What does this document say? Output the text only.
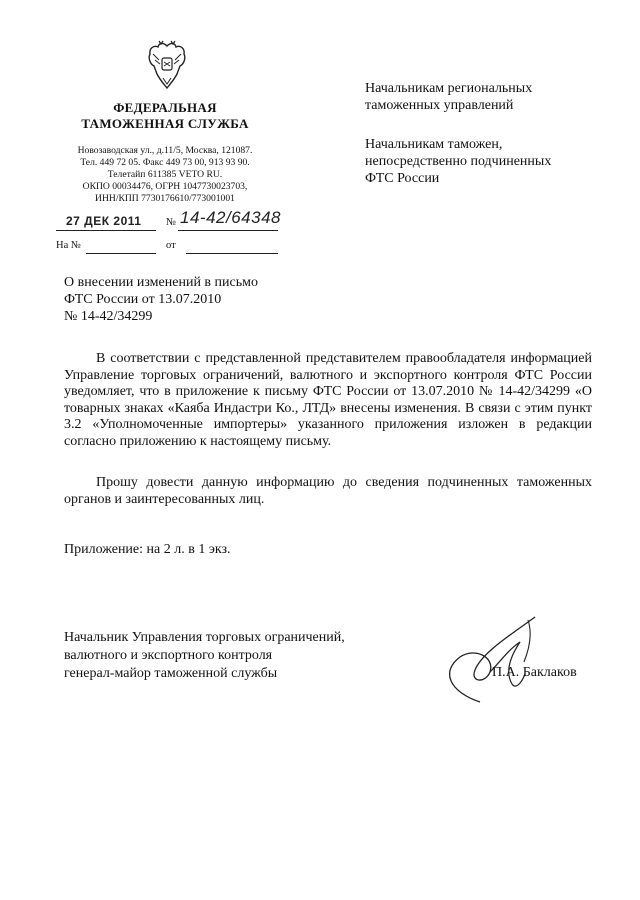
ФЕДЕРАЛЬНАЯ
ТАМОЖЕННАЯ СЛУЖБА
Новозаводская ул., д.11/5, Москва, 121087.
Тел. 449 72 05. Факс 449 73 00, 913 93 90.
Телетайп 611385 VETO RU.
ОКПО 00034476, ОГРН 1047730023703,
ИНН/КПП 7730176610/773001001
27 ДЕК 2011 № 14-42/64348
На №	от
Начальникам региональных
таможенных управлений
Начальникам таможен,
непосредственно подчиненных
ФТС России
О внесении изменений в письмо
ФТС России от 13.07.2010
№ 14-42/34299
В соответствии с представленной представителем правообладателя информацией Управление торговых ограничений, валютного и экспортного контроля ФТС России уведомляет, что в приложение к письму ФТС России от 13.07.2010 № 14-42/34299 «О товарных знаках «Каяба Индастри Ко., ЛТД» внесены изменения. В связи с этим пункт 3.2 «Уполномоченные импортеры» указанного приложения изложен в редакции согласно приложению к настоящему письму.
Прошу довести данную информацию до сведения подчиненных таможенных органов и заинтересованных лиц.
Приложение: на 2 л. в 1 экз.
Начальник Управления торговых ограничений,
валютного и экспортного контроля
генерал-майор таможенной службы	П.А. Баклаков
